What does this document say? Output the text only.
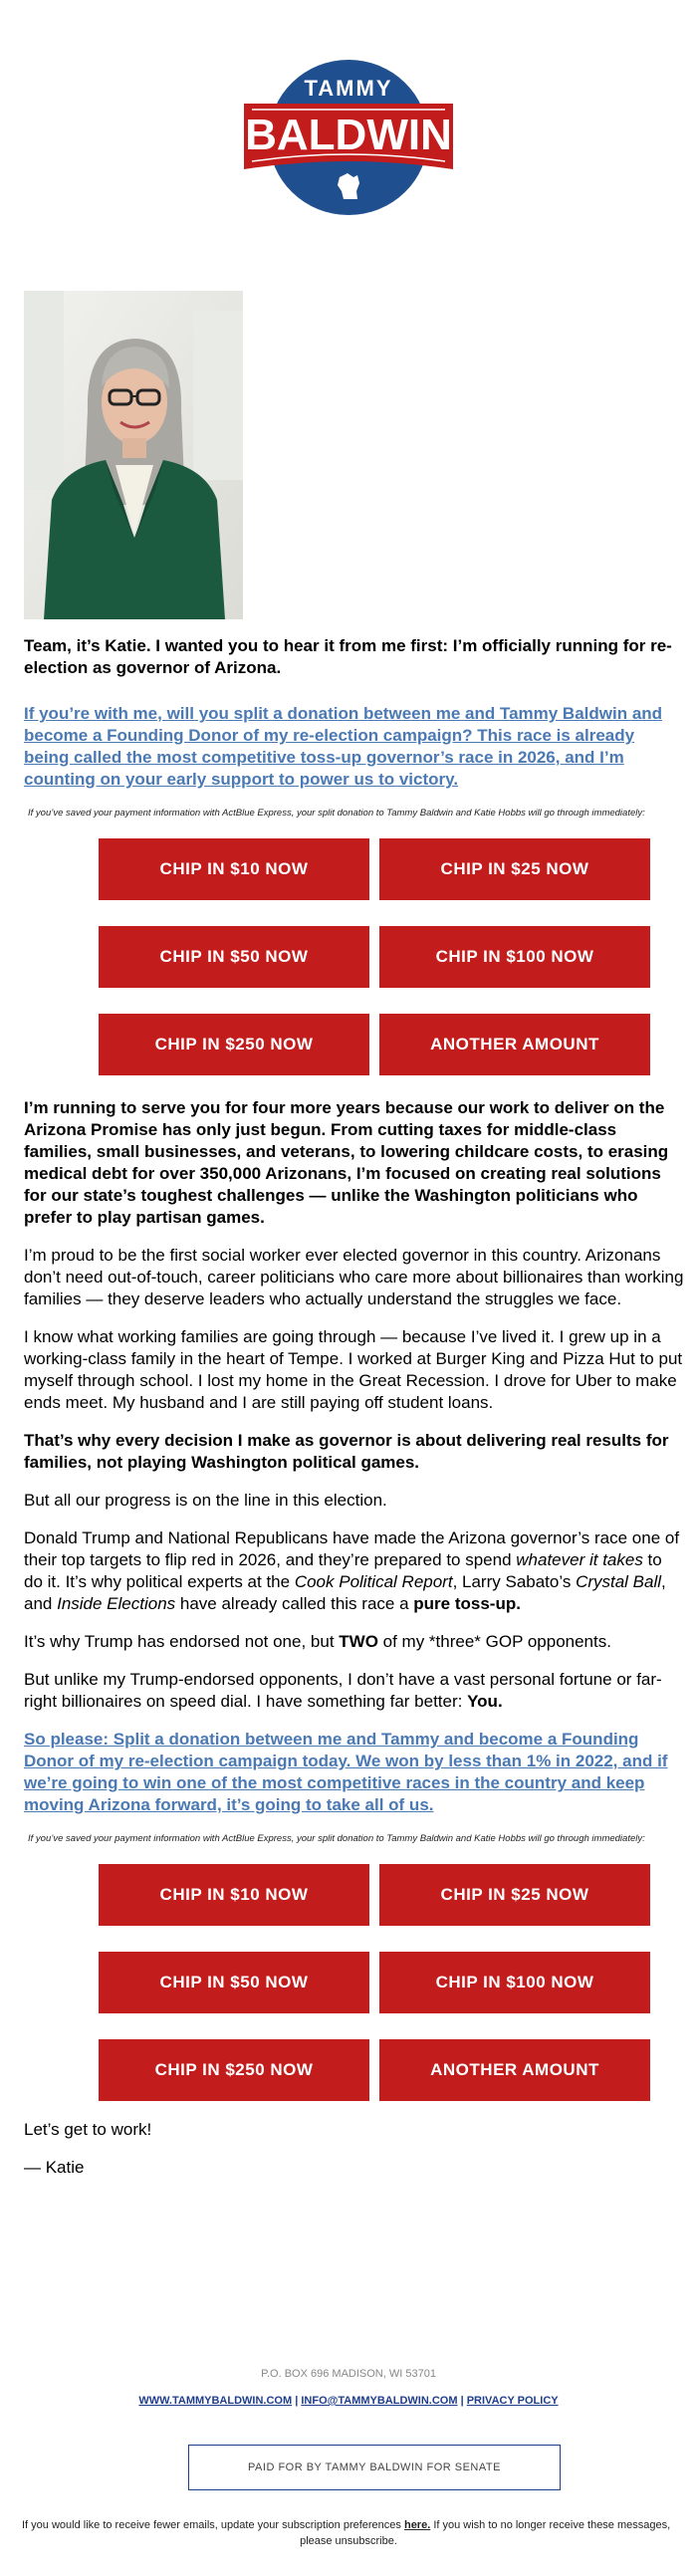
TAMMY
BALDWIN
Team, it’s Katie. I wanted you to hear it from me first: I’m officially running for re-
election as governor of Arizona.
If you’re with me, will you split a donation between me and Tammy Baldwin and
become a Founding Donor of my re-election campaign? This race is already
being called the most competitive toss-up governor’s race in 2026, and I’m
counting on your early support to power us to victory.
If you’ve saved your payment information with ActBlue Express, your split donation to Tammy Baldwin and Katie Hobbs will go through immediately:
CHIP IN $10 NOW	CHIP IN $25 NOW
CHIP IN $50 NOW	CHIP IN $100 NOW
CHIP IN $250 NOW	ANOTHER AMOUNT
I’m running to serve you for four more years because our work to deliver on the
Arizona Promise has only just begun. From cutting taxes for middle-class
families, small businesses, and veterans, to lowering childcare costs, to erasing
medical debt for over 350,000 Arizonans, I’m focused on creating real solutions
for our state’s toughest challenges — unlike the Washington politicians who
prefer to play partisan games.
I’m proud to be the first social worker ever elected governor in this country. Arizonans
don’t need out-of-touch, career politicians who care more about billionaires than working
families — they deserve leaders who actually understand the struggles we face.
I know what working families are going through — because I’ve lived it. I grew up in a
working-class family in the heart of Tempe. I worked at Burger King and Pizza Hut to put
myself through school. I lost my home in the Great Recession. I drove for Uber to make
ends meet. My husband and I are still paying off student loans.
That’s why every decision I make as governor is about delivering real results for
families, not playing Washington political games.
But all our progress is on the line in this election.
Donald Trump and National Republicans have made the Arizona governor’s race one of
their top targets to flip red in 2026, and they’re prepared to spend whatever it takes to
do it. It’s why political experts at the Cook Political Report, Larry Sabato’s Crystal Ball,
and Inside Elections have already called this race a pure toss-up.
It’s why Trump has endorsed not one, but TWO of my *three* GOP opponents.
But unlike my Trump-endorsed opponents, I don’t have a vast personal fortune or far-
right billionaires on speed dial. I have something far better: You.
So please: Split a donation between me and Tammy and become a Founding
Donor of my re-election campaign today. We won by less than 1% in 2022, and if
we’re going to win one of the most competitive races in the country and keep
moving Arizona forward, it’s going to take all of us.
If you’ve saved your payment information with ActBlue Express, your split donation to Tammy Baldwin and Katie Hobbs will go through immediately:
CHIP IN $10 NOW	CHIP IN $25 NOW
CHIP IN $50 NOW	CHIP IN $100 NOW
CHIP IN $250 NOW	ANOTHER AMOUNT
Let’s get to work!
— Katie
P.O. BOX 696 MADISON, WI 53701
WWW.TAMMYBALDWIN.COM | INFO@TAMMYBALDWIN.COM | PRIVACY POLICY
PAID FOR BY TAMMY BALDWIN FOR SENATE
If you would like to receive fewer emails, update your subscription preferences here. If you wish to no longer receive these messages,
please unsubscribe.
